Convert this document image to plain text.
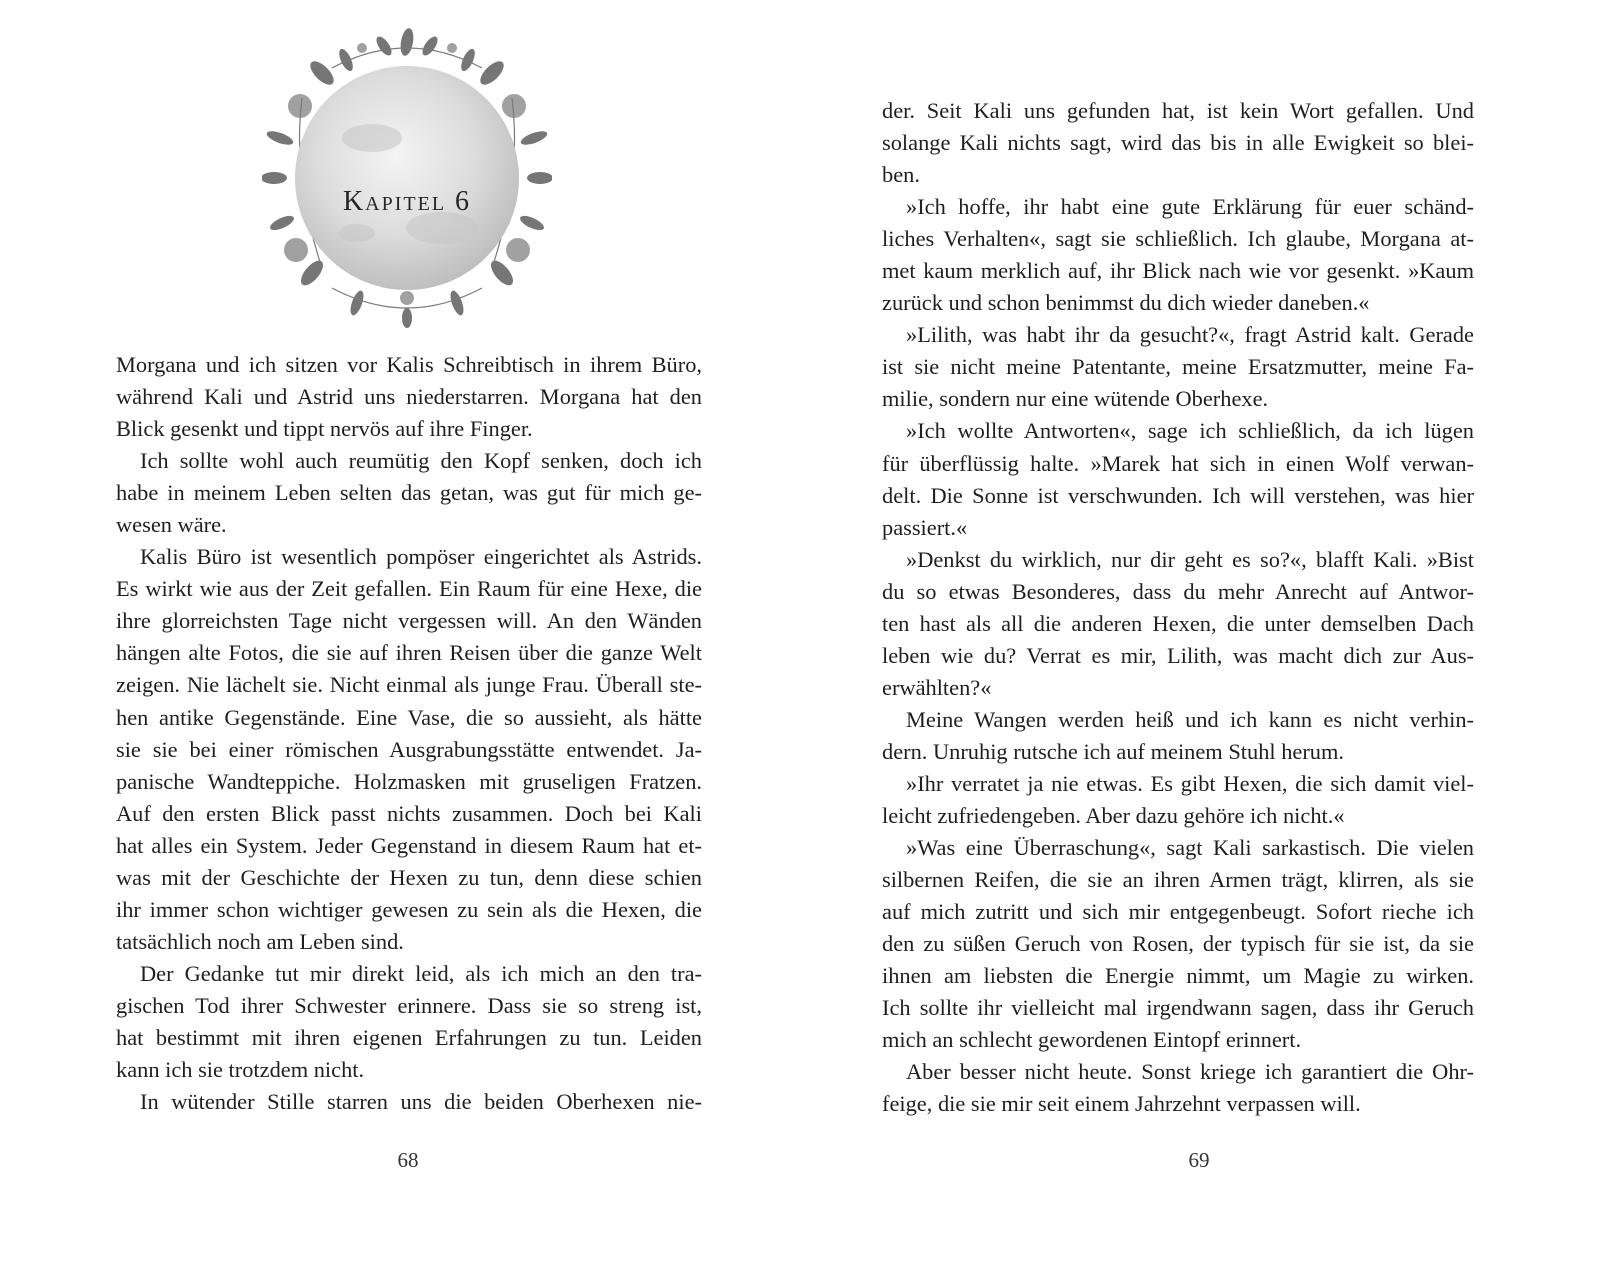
Kapitel 6
Morgana und ich sitzen vor Kalis Schreibtisch in ihrem Büro,
während Kali und Astrid uns niederstarren. Morgana hat den
Blick gesenkt und tippt nervös auf ihre Finger.
Ich sollte wohl auch reumütig den Kopf senken, doch ich
habe in meinem Leben selten das getan, was gut für mich ge-
wesen wäre.
Kalis Büro ist wesentlich pompöser eingerichtet als Astrids.
Es wirkt wie aus der Zeit gefallen. Ein Raum für eine Hexe, die
ihre glorreichsten Tage nicht vergessen will. An den Wänden
hängen alte Fotos, die sie auf ihren Reisen über die ganze Welt
zeigen. Nie lächelt sie. Nicht einmal als junge Frau. Überall ste-
hen antike Gegenstände. Eine Vase, die so aussieht, als hätte
sie sie bei einer römischen Ausgrabungsstätte entwendet. Ja-
panische Wandteppiche. Holzmasken mit gruseligen Fratzen.
Auf den ersten Blick passt nichts zusammen. Doch bei Kali
hat alles ein System. Jeder Gegenstand in diesem Raum hat et-
was mit der Geschichte der Hexen zu tun, denn diese schien
ihr immer schon wichtiger gewesen zu sein als die Hexen, die
tatsächlich noch am Leben sind.
Der Gedanke tut mir direkt leid, als ich mich an den tra-
gischen Tod ihrer Schwester erinnere. Dass sie so streng ist,
hat bestimmt mit ihren eigenen Erfahrungen zu tun. Leiden
kann ich sie trotzdem nicht.
In wütender Stille starren uns die beiden Oberhexen nie-
68
der. Seit Kali uns gefunden hat, ist kein Wort gefallen. Und
solange Kali nichts sagt, wird das bis in alle Ewigkeit so blei-
ben.
»Ich hoffe, ihr habt eine gute Erklärung für euer schänd-
liches Verhalten«, sagt sie schließlich. Ich glaube, Morgana at-
met kaum merklich auf, ihr Blick nach wie vor gesenkt. »Kaum
zurück und schon benimmst du dich wieder daneben.«
»Lilith, was habt ihr da gesucht?«, fragt Astrid kalt. Gerade
ist sie nicht meine Patentante, meine Ersatzmutter, meine Fa-
milie, sondern nur eine wütende Oberhexe.
»Ich wollte Antworten«, sage ich schließlich, da ich lügen
für überflüssig halte. »Marek hat sich in einen Wolf verwan-
delt. Die Sonne ist verschwunden. Ich will verstehen, was hier
passiert.«
»Denkst du wirklich, nur dir geht es so?«, blafft Kali. »Bist
du so etwas Besonderes, dass du mehr Anrecht auf Antwor-
ten hast als all die anderen Hexen, die unter demselben Dach
leben wie du? Verrat es mir, Lilith, was macht dich zur Aus-
erwählten?«
Meine Wangen werden heiß und ich kann es nicht verhin-
dern. Unruhig rutsche ich auf meinem Stuhl herum.
»Ihr verratet ja nie etwas. Es gibt Hexen, die sich damit viel-
leicht zufriedengeben. Aber dazu gehöre ich nicht.«
»Was eine Überraschung«, sagt Kali sarkastisch. Die vielen
silbernen Reifen, die sie an ihren Armen trägt, klirren, als sie
auf mich zutritt und sich mir entgegenbeugt. Sofort rieche ich
den zu süßen Geruch von Rosen, der typisch für sie ist, da sie
ihnen am liebsten die Energie nimmt, um Magie zu wirken.
Ich sollte ihr vielleicht mal irgendwann sagen, dass ihr Geruch
mich an schlecht gewordenen Eintopf erinnert.
Aber besser nicht heute. Sonst kriege ich garantiert die Ohr-
feige, die sie mir seit einem Jahrzehnt verpassen will.
69
